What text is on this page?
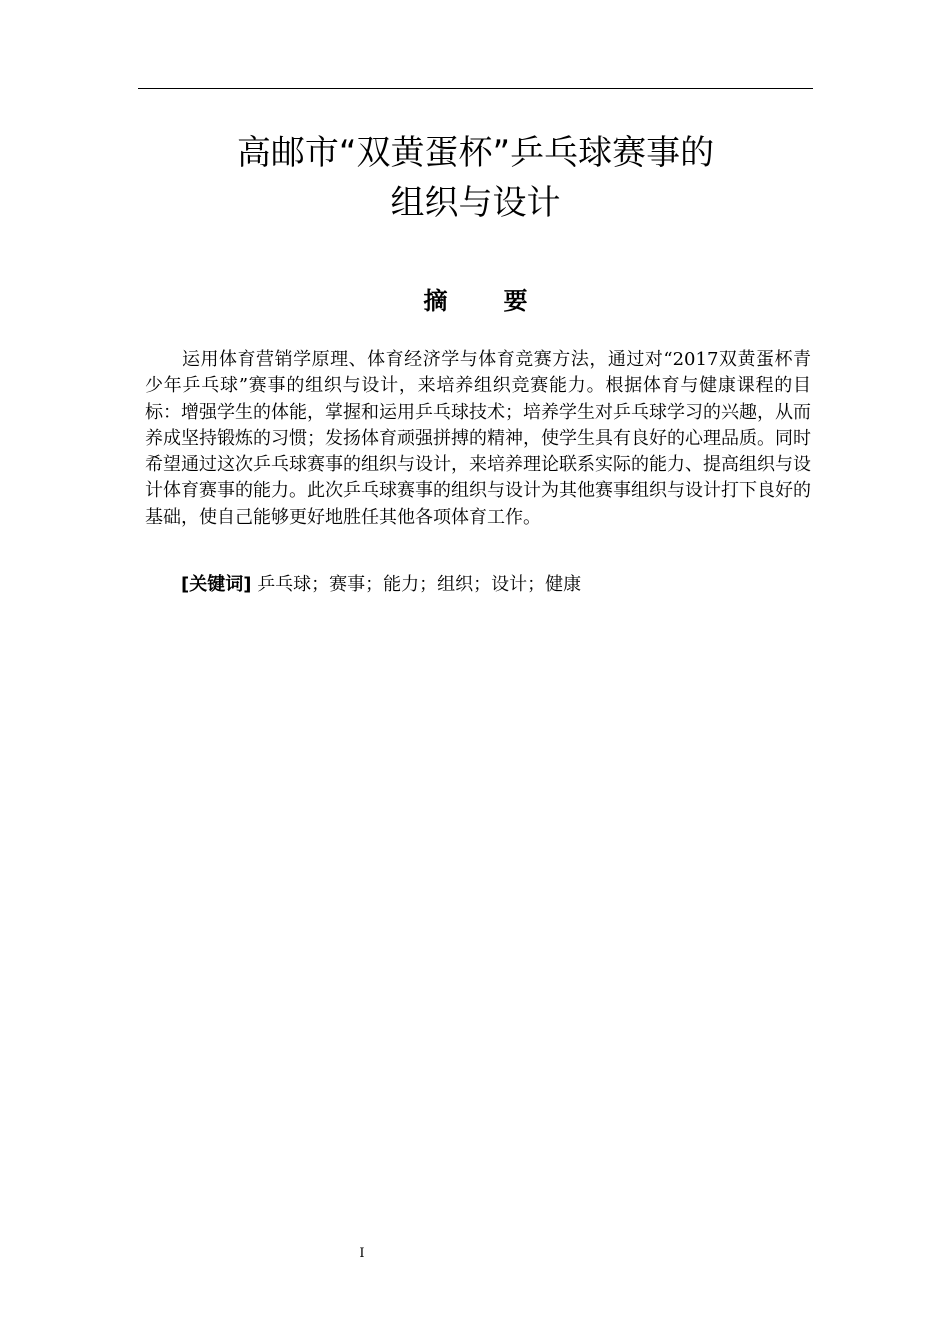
高邮市“双黄蛋杯”乒乓球赛事的
组织与设计
摘要

运用体育营销学原理、体育经济学与体育竞赛方法，通过对“2017双黄蛋杯青少年乒乓球”赛事的组织与设计，来培养组织竞赛能力。根据体育与健康课程的目标：增强学生的体能，掌握和运用乒乓球技术；培养学生对乒乓球学习的兴趣，从而养成坚持锻炼的习惯；发扬体育顽强拼搏的精神，使学生具有良好的心理品质。同时希望通过这次乒乓球赛事的组织与设计，来培养理论联系实际的能力、提高组织与设计体育赛事的能力。此次乒乓球赛事的组织与设计为其他赛事组织与设计打下良好的基础，使自己能够更好地胜任其他各项体育工作。

[关键词] 乒乓球；赛事；能力；组织；设计；健康
I
